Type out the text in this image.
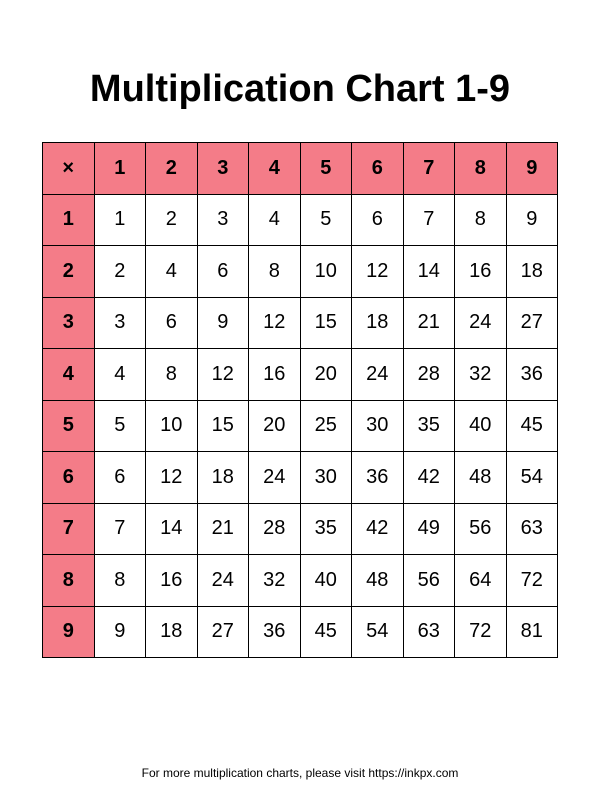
Multiplication Chart 1-9
×	1	2	3	4	5	6	7	8	9
1	1	2	3	4	5	6	7	8	9
2	2	4	6	8	10	12	14	16	18
3	3	6	9	12	15	18	21	24	27
4	4	8	12	16	20	24	28	32	36
5	5	10	15	20	25	30	35	40	45
6	6	12	18	24	30	36	42	48	54
7	7	14	21	28	35	42	49	56	63
8	8	16	24	32	40	48	56	64	72
9	9	18	27	36	45	54	63	72	81
For more multiplication charts, please visit https://inkpx.com
